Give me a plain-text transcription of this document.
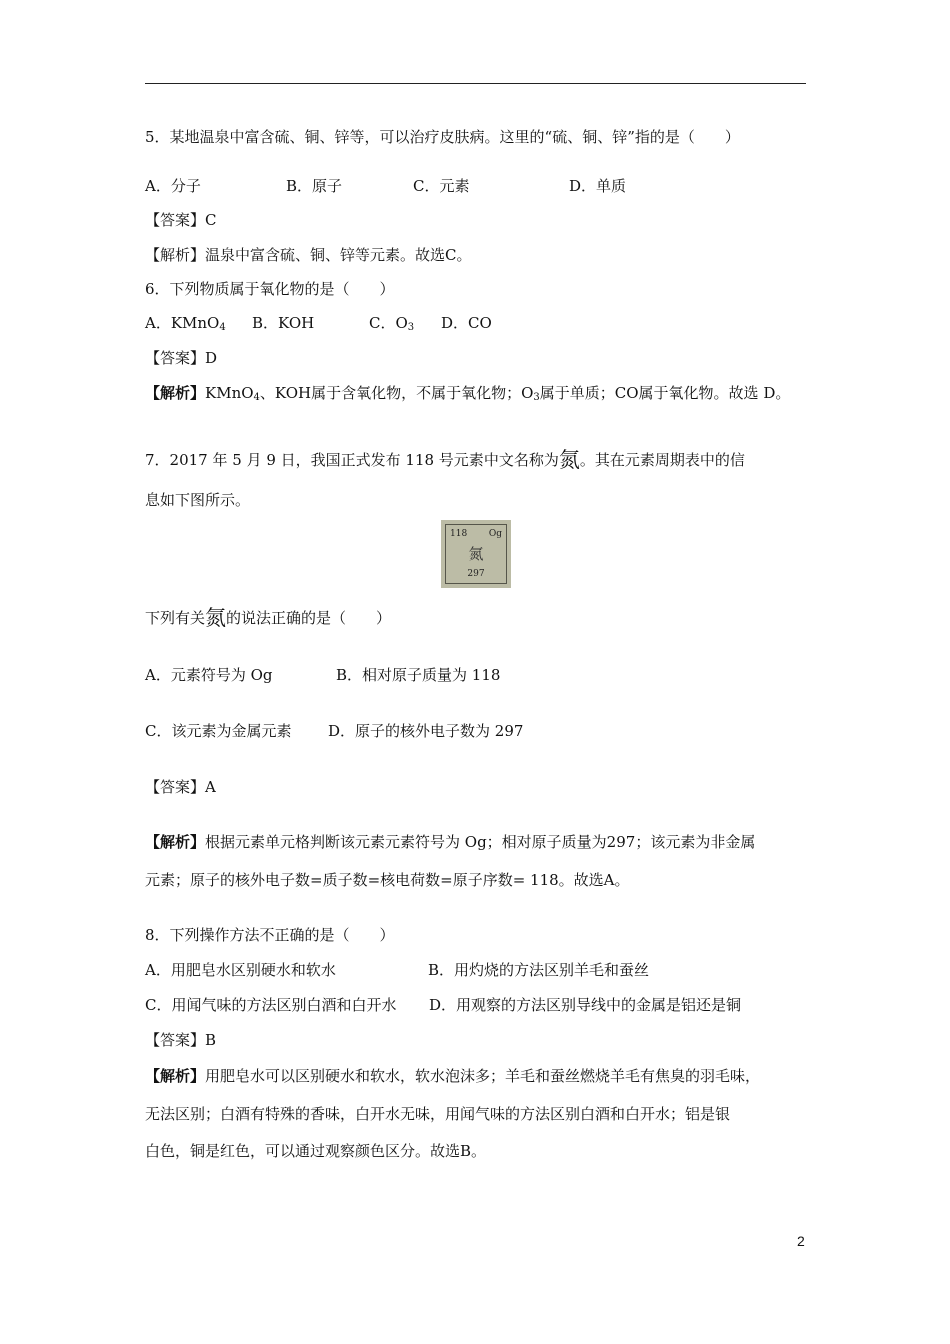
5．某地温泉中富含硫、铜、锌等，可以治疗皮肤病。这里的“硫、铜、锌”指的是（　　）
A．分子	B．原子	C．元素	D．单质
【答案】C
【解析】温泉中富含硫、铜、锌等元素。故选C。
6．下列物质属于氧化物的是（　　）
A．KMnO$_4$ B．KOH	C．$O_3$ D．CO
【答案】D
【解析】KMnO$_4$、KOH属于含氧化物，不属于氧化物；$O_3$属于单质；CO属于氧化物。故选 D。
7．2017 年 5 月 9 日，我国正式发布 118 号元素中文名称为氮。其在元素周期表中的信
息如下图所示。
118 Og
氮
297
下列有关氮的说法正确的是（　　）
A．元素符号为 Og	B．相对原子质量为 118
C．该元素为金属元素 D．原子的核外电子数为 297
【答案】A
【解析】根据元素单元格判断该元素元素符号为 Og；相对原子质量为297；该元素为非金属
元素；原子的核外电子数=质子数=核电荷数=原子序数= 118。故选A。
8．下列操作方法不正确的是（　　）
A．用肥皂水区别硬水和软水	B．用灼烧的方法区别羊毛和蚕丝
C．用闻气味的方法区别白酒和白开水 D．用观察的方法区别导线中的金属是铝还是铜
【答案】B
【解析】用肥皂水可以区别硬水和软水，软水泡沫多；羊毛和蚕丝燃烧羊毛有焦臭的羽毛味，
无法区别；白酒有特殊的香味，白开水无味，用闻气味的方法区别白酒和白开水；铝是银
白色，铜是红色，可以通过观察颜色区分。故选B。
2
